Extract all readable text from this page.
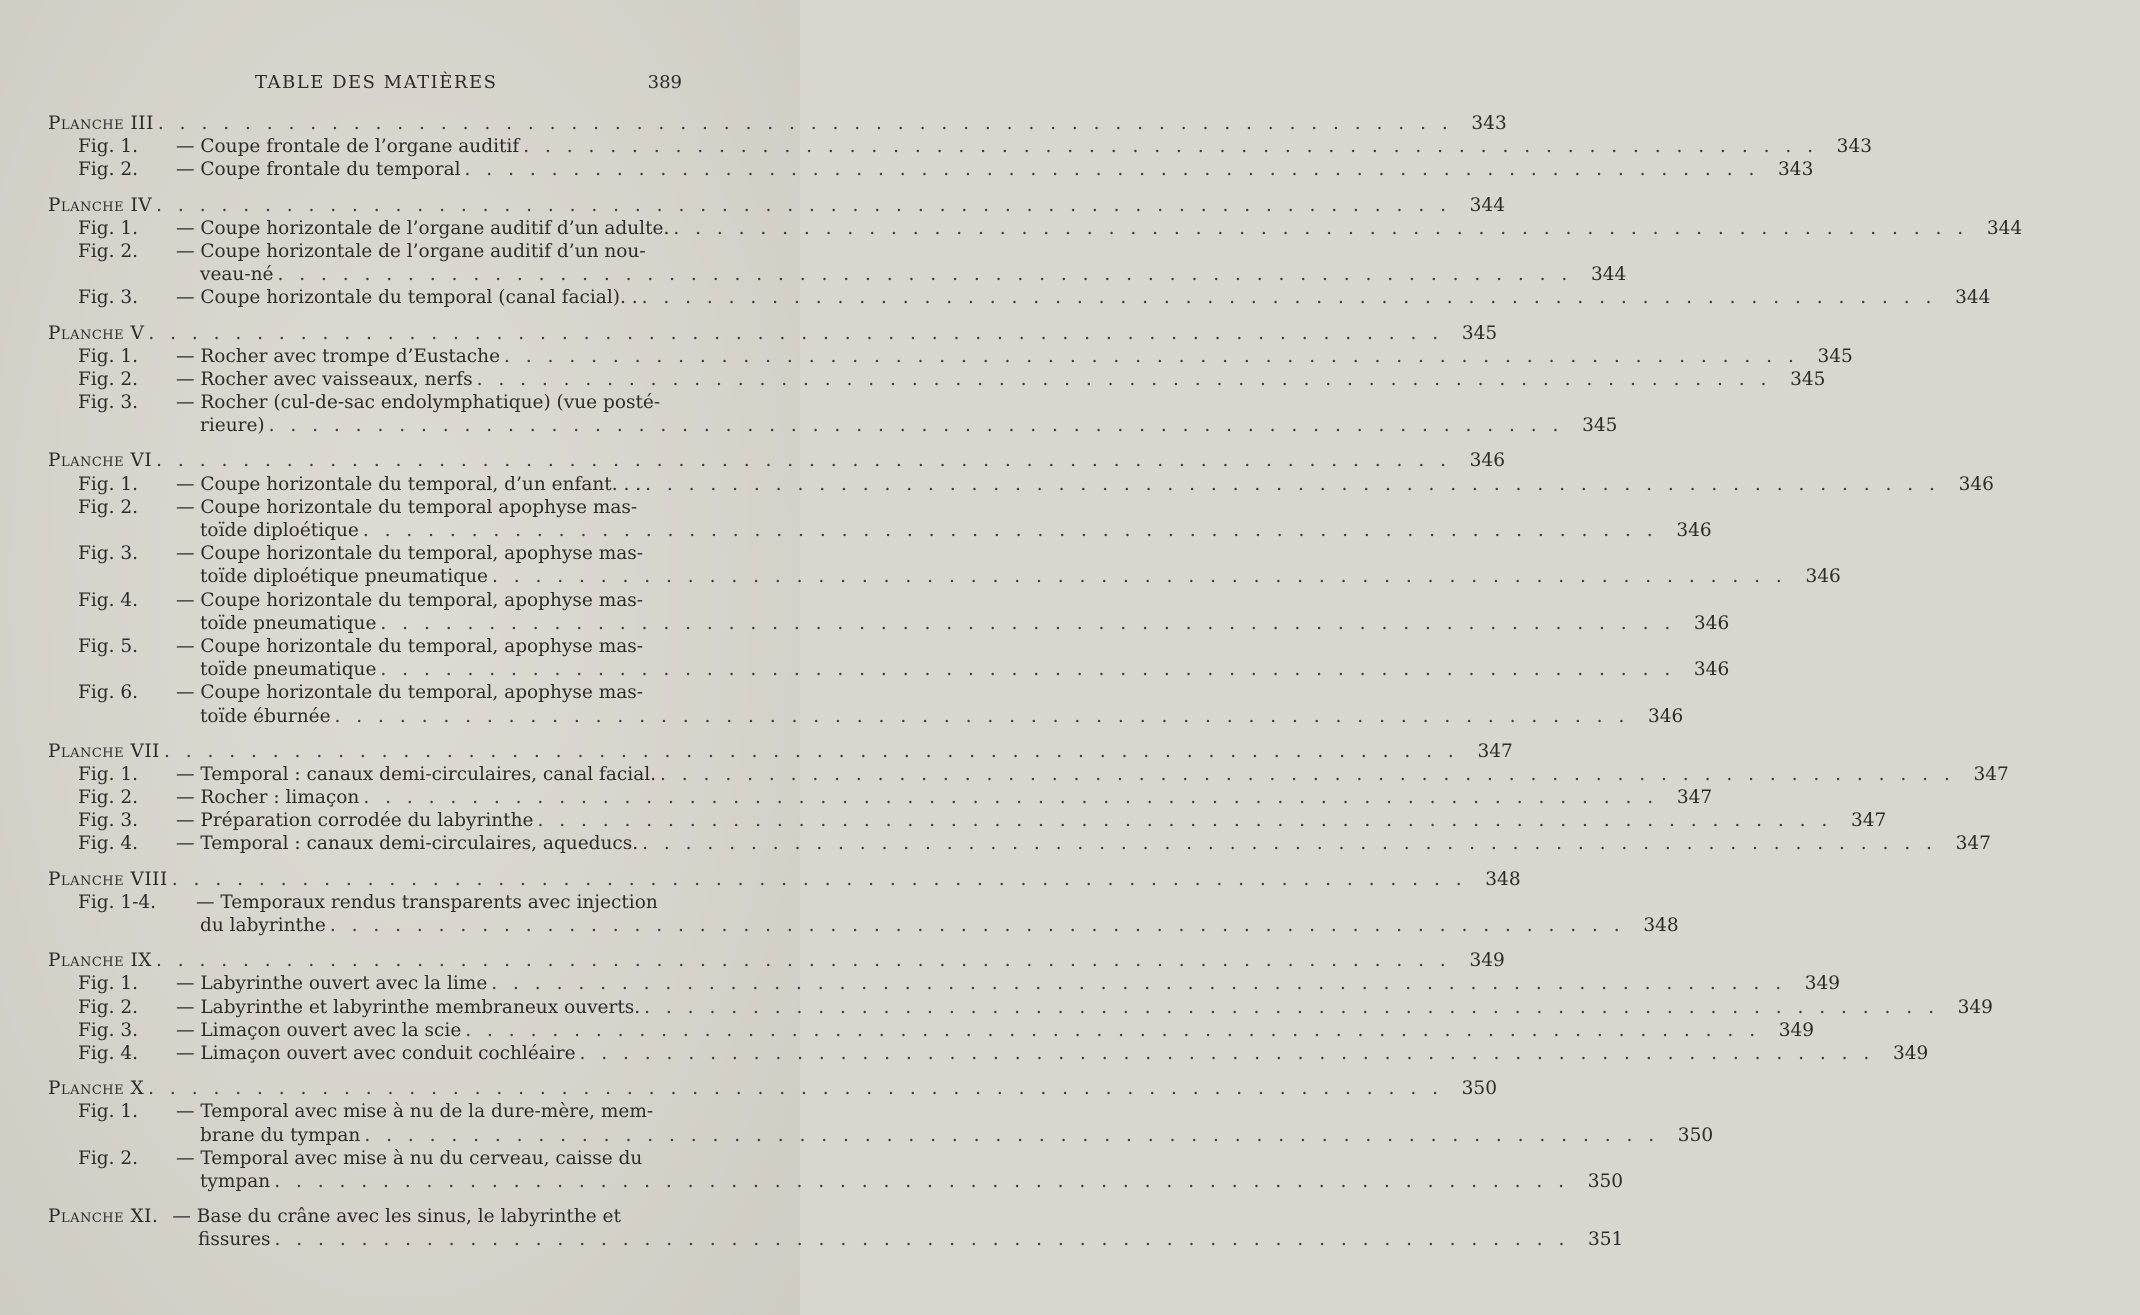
TABLE DES MATIÈRES	389
Planche III . . .	343
Fig. 1.	— Coupe frontale de l’organe auditif . . .	343
Fig. 2.	— Coupe frontale du temporal . . .	343
Planche IV . . .	344
Fig. 1.	— Coupe horizontale de l’organe auditif d’un adulte. . . .	344
Fig. 2.	— Coupe horizontale de l’organe auditif d’un nou-
veau-né . . .	344
Fig. 3.	— Coupe horizontale du temporal (canal facial). . . . .	344
Planche V . . .	345
Fig. 1.	— Rocher avec trompe d’Eustache . . .	345
Fig. 2.	— Rocher avec vaisseaux, nerfs . . .	345
Fig. 3.	— Rocher (cul-de-sac endolymphatique) (vue posté-
rieure) . . .	345
Planche VI . . .	346
Fig. 1.	— Coupe horizontale du temporal, d’un enfant. . . . . .	346
Fig. 2.	— Coupe horizontale du temporal apophyse mas-
toïde diploétique . . .	346
Fig. 3.	— Coupe horizontale du temporal, apophyse mas-
toïde diploétique pneumatique . . .	346
Fig. 4.	— Coupe horizontale du temporal, apophyse mas-
toïde pneumatique . . .	346
Fig. 5.	— Coupe horizontale du temporal, apophyse mas-
toïde pneumatique . . .	346
Fig. 6.	— Coupe horizontale du temporal, apophyse mas-
toïde éburnée . . .	346
Planche VII . . .	347
Fig. 1.	— Temporal : canaux demi-circulaires, canal facial. . . .	347
Fig. 2.	— Rocher : limaçon . . .	347
Fig. 3.	— Préparation corrodée du labyrinthe . . .	347
Fig. 4.	— Temporal : canaux demi-circulaires, aqueducs. . . .	347
Planche VIII . . .	348
Fig. 1-4.	— Temporaux rendus transparents avec injection
du labyrinthe . . .	348
Planche IX . . .	349
Fig. 1.	— Labyrinthe ouvert avec la lime . . .	349
Fig. 2.	— Labyrinthe et labyrinthe membraneux ouverts. . . .	349
Fig. 3.	— Limaçon ouvert avec la scie . . .	349
Fig. 4.	— Limaçon ouvert avec conduit cochléaire . . .	349
Planche X . . .	350
Fig. 1.	— Temporal avec mise à nu de la dure-mère, mem-
brane du tympan . . .	350
Fig. 2.	— Temporal avec mise à nu du cerveau, caisse du
tympan . . .	350
Planche XI. — Base du crâne avec les sinus, le labyrinthe et
fissures . . .	351
